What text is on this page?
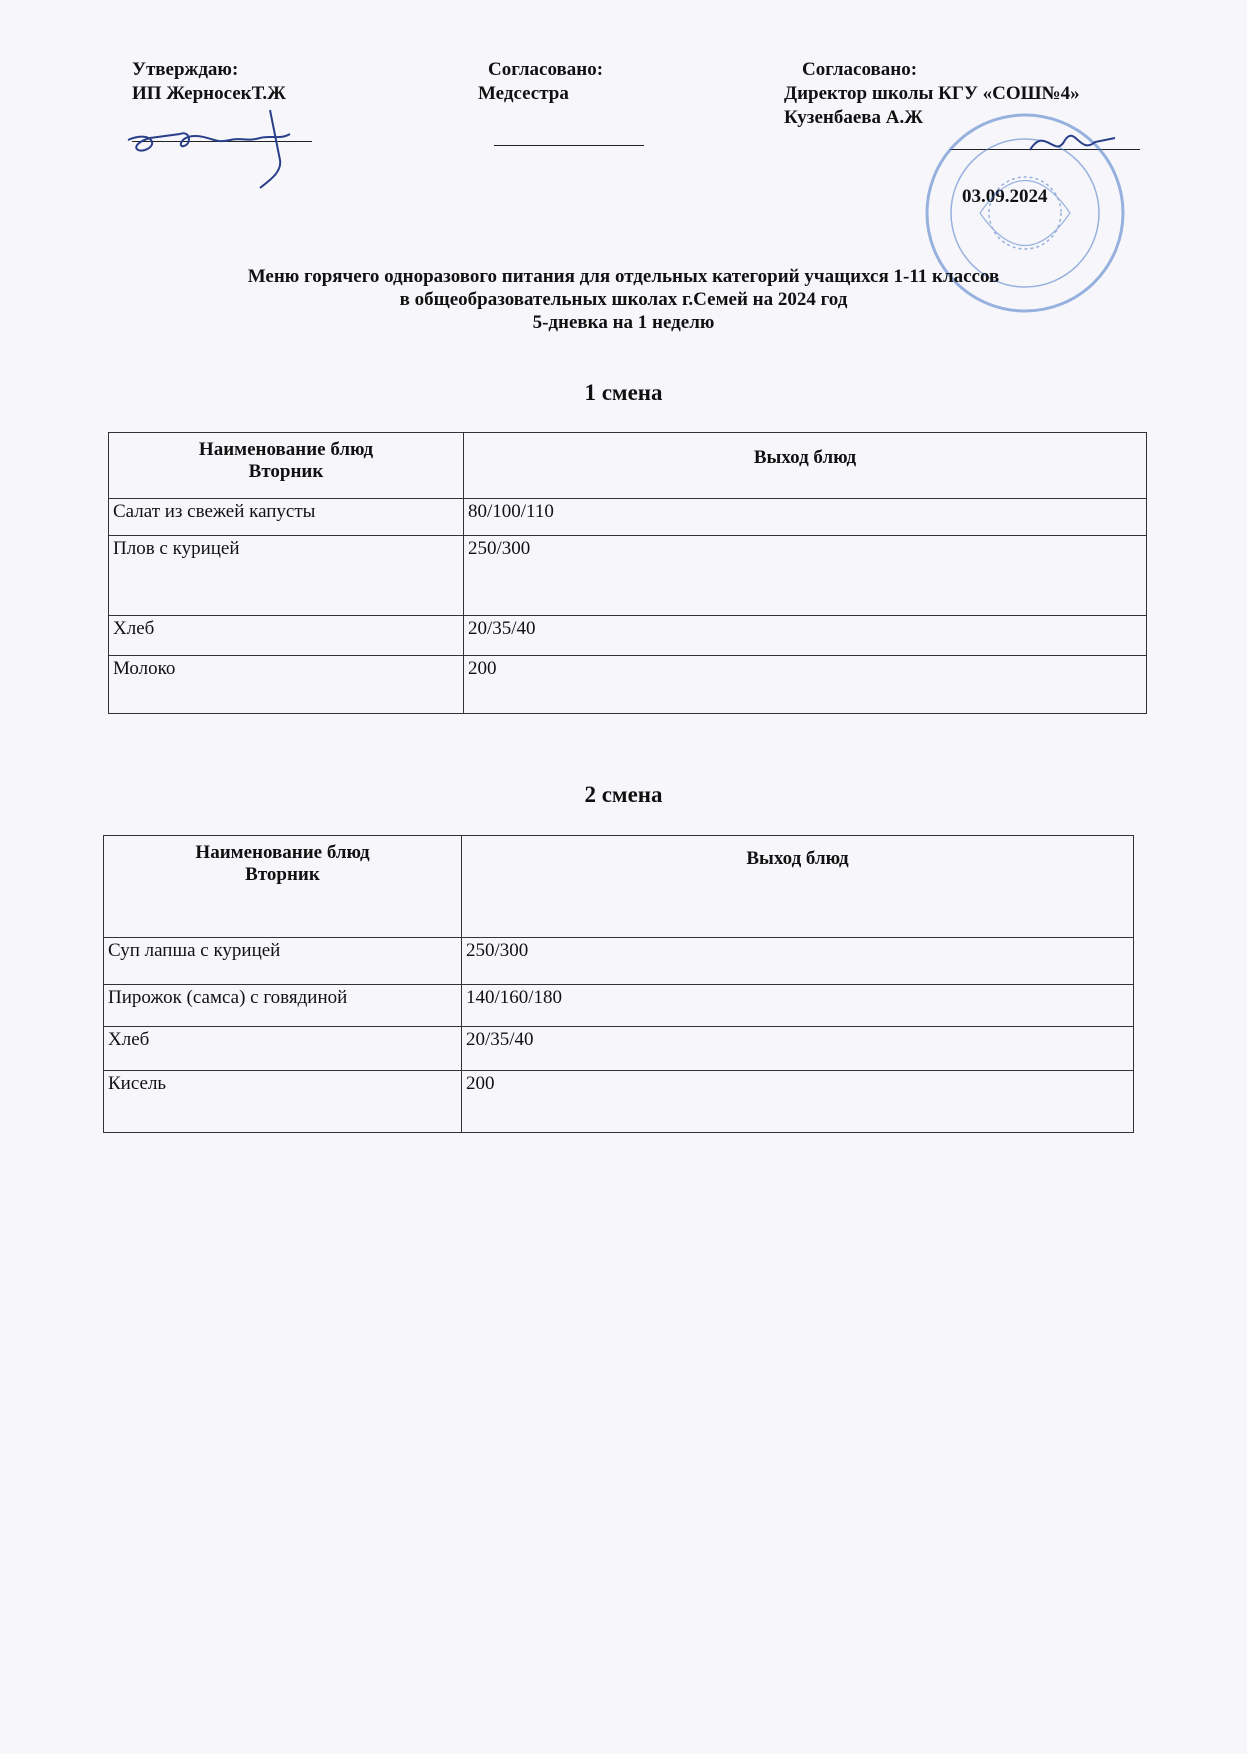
Утверждаю:
ИП ЖерносекТ.Ж
Согласовано:
Медсестра
Согласовано:
Директор школы КГУ «СОШ№4»
Кузенбаева А.Ж
03.09.2024
Меню горячего одноразового питания для отдельных категорий учащихся 1-11 классов
в общеобразовательных школах г.Семей на 2024 год
5-дневка на 1 неделю
1 смена
Наименование блюд
Вторник	Выход блюд
Салат из свежей капусты	80/100/110
Плов с курицей	250/300
Хлеб	20/35/40
Молоко	200
2 смена
Наименование блюд
Вторник	Выход блюд
Суп лапша с курицей	250/300
Пирожок (самса) с говядиной	140/160/180
Хлеб	20/35/40
Кисель	200
